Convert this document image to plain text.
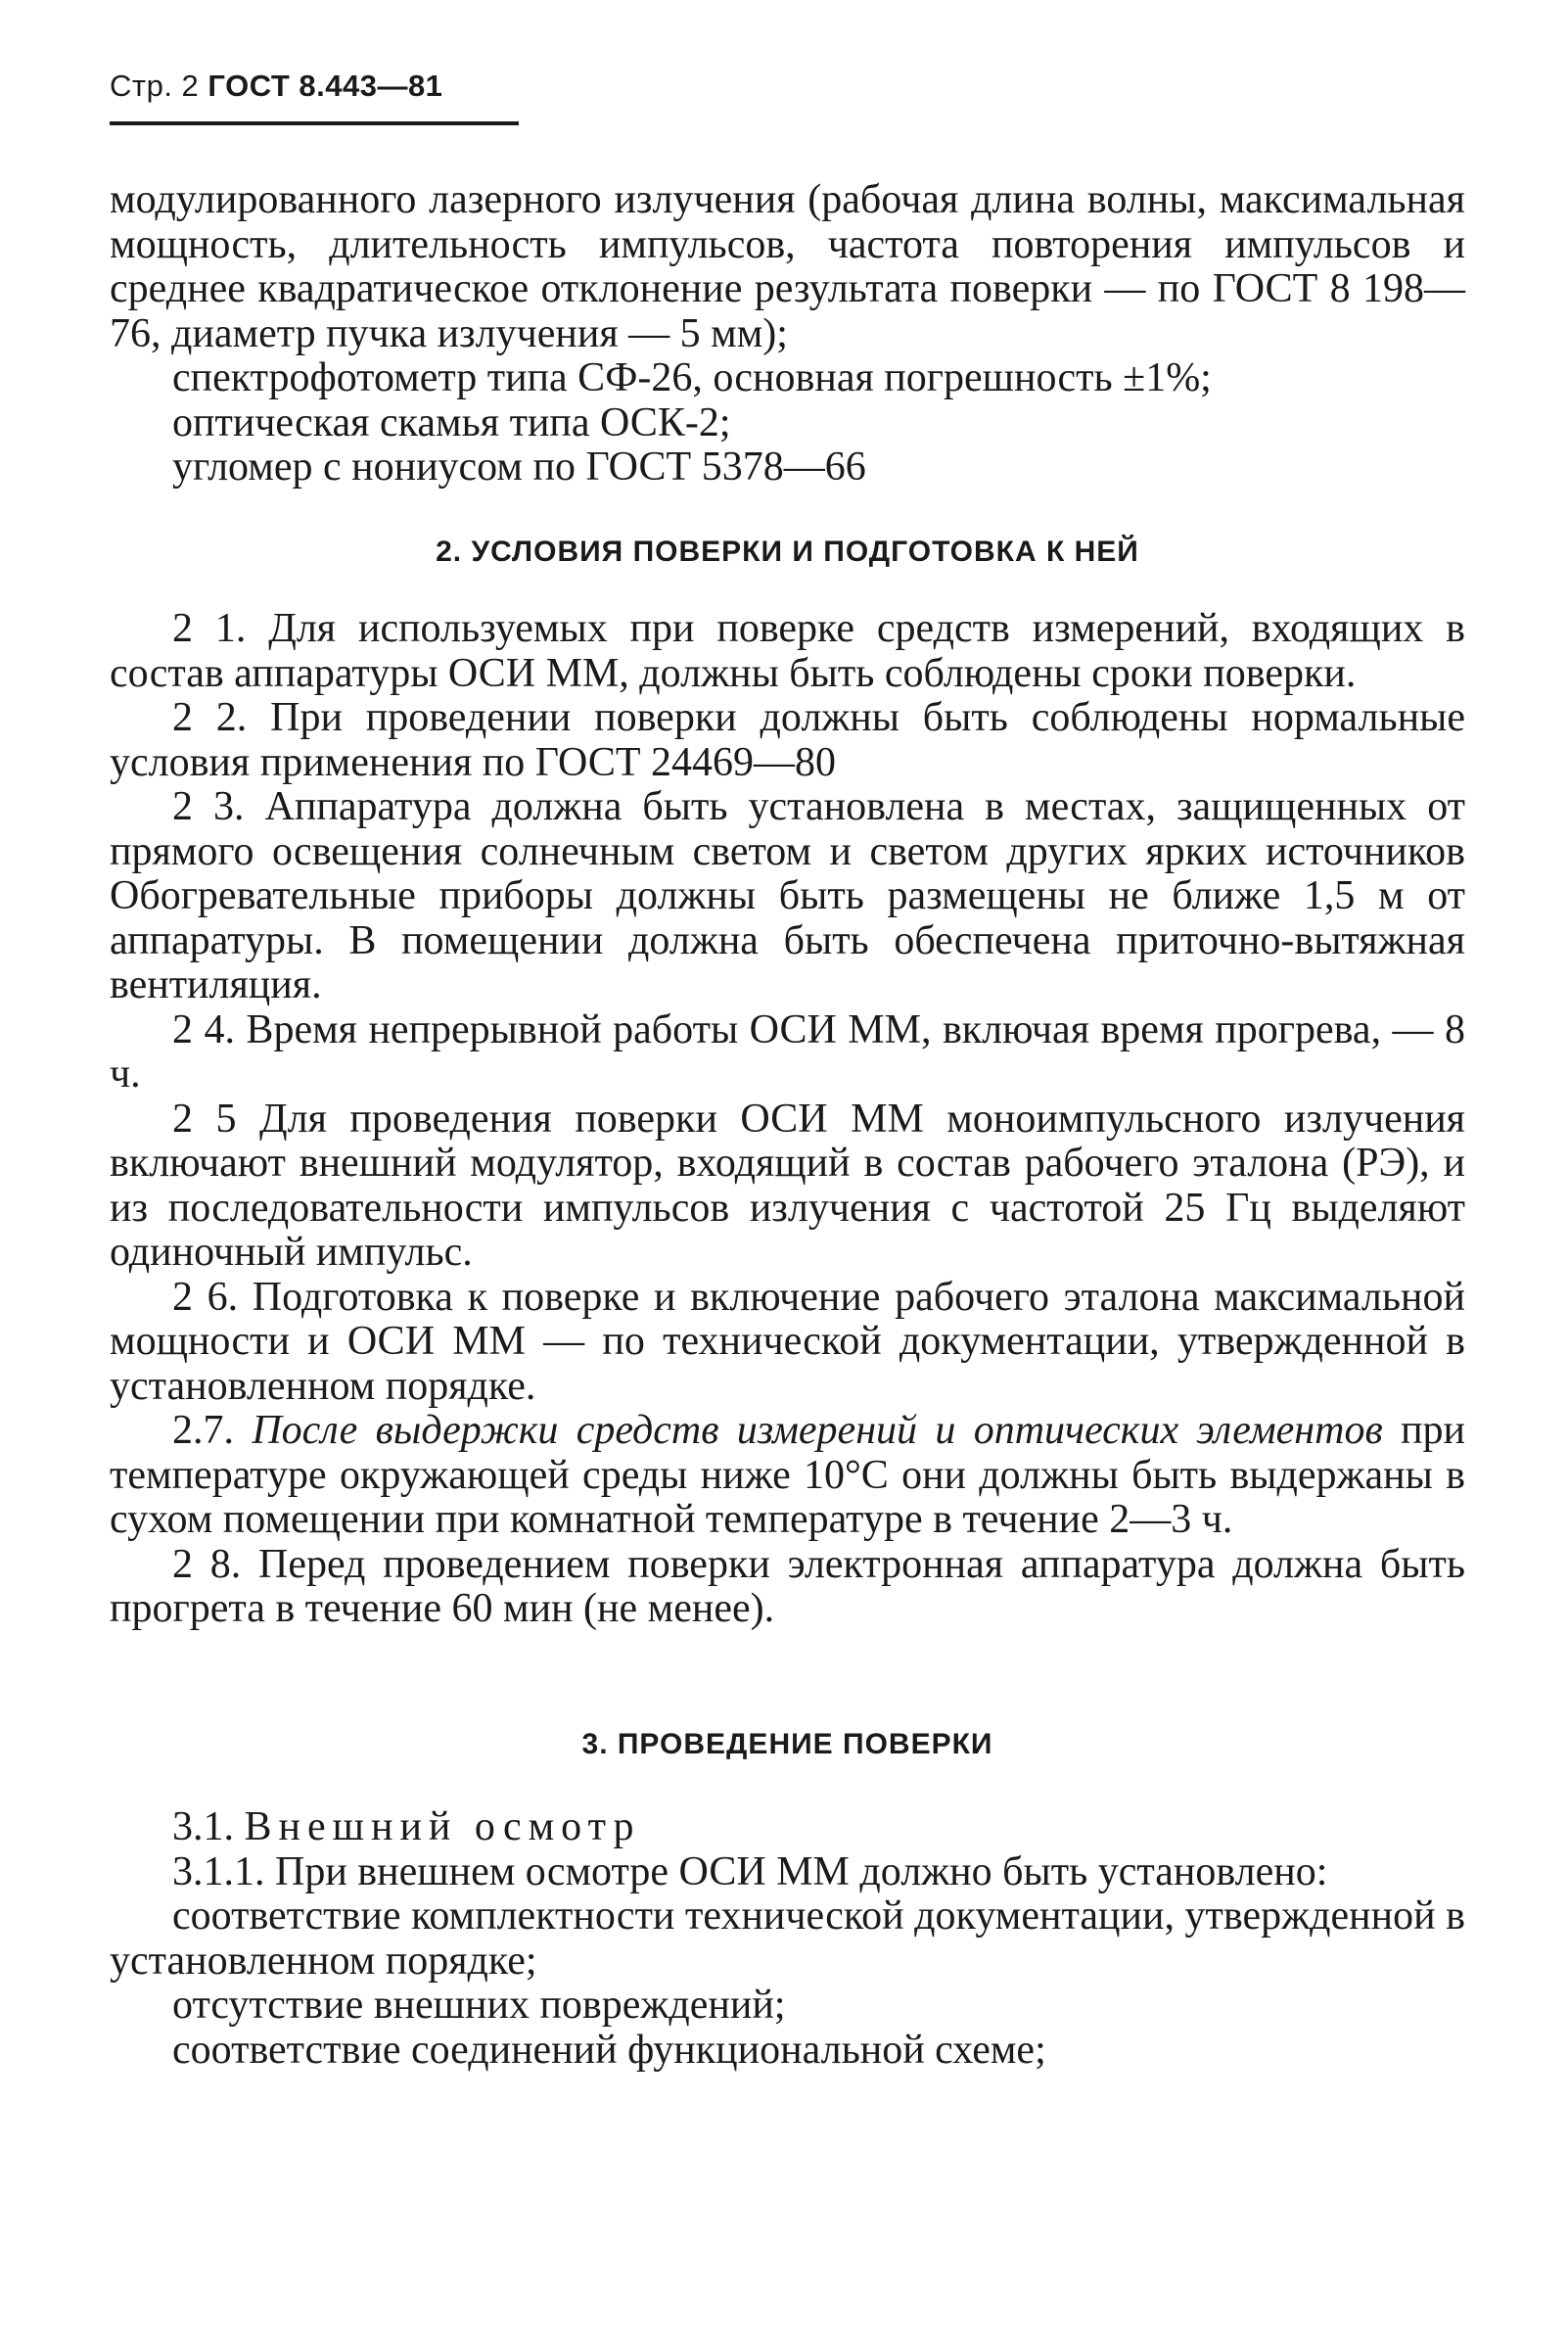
Стр. 2 ГОСТ 8.443—81

модулированного лазерного излучения (рабочая длина волны, максимальная мощность, длительность импульсов, частота повторения импульсов и среднее квадратическое отклонение результата поверки — по ГОСТ 8 198—76, диаметр пучка излучения — 5 мм);

спектрофотометр типа СФ-26, основная погрешность ±1%;

оптическая скамья типа ОСК-2;

угломер с нониусом по ГОСТ 5378—66

2. УСЛОВИЯ ПОВЕРКИ И ПОДГОТОВКА К НЕЙ

2 1. Для используемых при поверке средств измерений, входящих в состав аппаратуры ОСИ ММ, должны быть соблюдены сроки поверки.

2 2. При проведении поверки должны быть соблюдены нормальные условия применения по ГОСТ 24469—80

2 3. Аппаратура должна быть установлена в местах, защищенных от прямого освещения солнечным светом и светом других ярких источников Обогревательные приборы должны быть размещены не ближе 1,5 м от аппаратуры. В помещении должна быть обеспечена приточно-вытяжная вентиляция.

2 4. Время непрерывной работы ОСИ ММ, включая время прогрева, — 8 ч.

2 5 Для проведения поверки ОСИ ММ моноимпульсного излучения включают внешний модулятор, входящий в состав рабочего эталона (РЭ), и из последовательности импульсов излучения с частотой 25 Гц выделяют одиночный импульс.

2 6. Подготовка к поверке и включение рабочего эталона максимальной мощности и ОСИ ММ — по технической документации, утвержденной в установленном порядке.

2.7. После выдержки средств измерений и оптических элементов при температуре окружающей среды ниже 10°С они должны быть выдержаны в сухом помещении при комнатной температуре в течение 2—3 ч.

2 8. Перед проведением поверки электронная аппаратура должна быть прогрета в течение 60 мин (не менее).

3. ПРОВЕДЕНИЕ ПОВЕРКИ

3.1. Внешний осмотр

3.1.1. При внешнем осмотре ОСИ ММ должно быть установлено:

соответствие комплектности технической документации, утвержденной в установленном порядке;

отсутствие внешних повреждений;

соответствие соединений функциональной схеме;
